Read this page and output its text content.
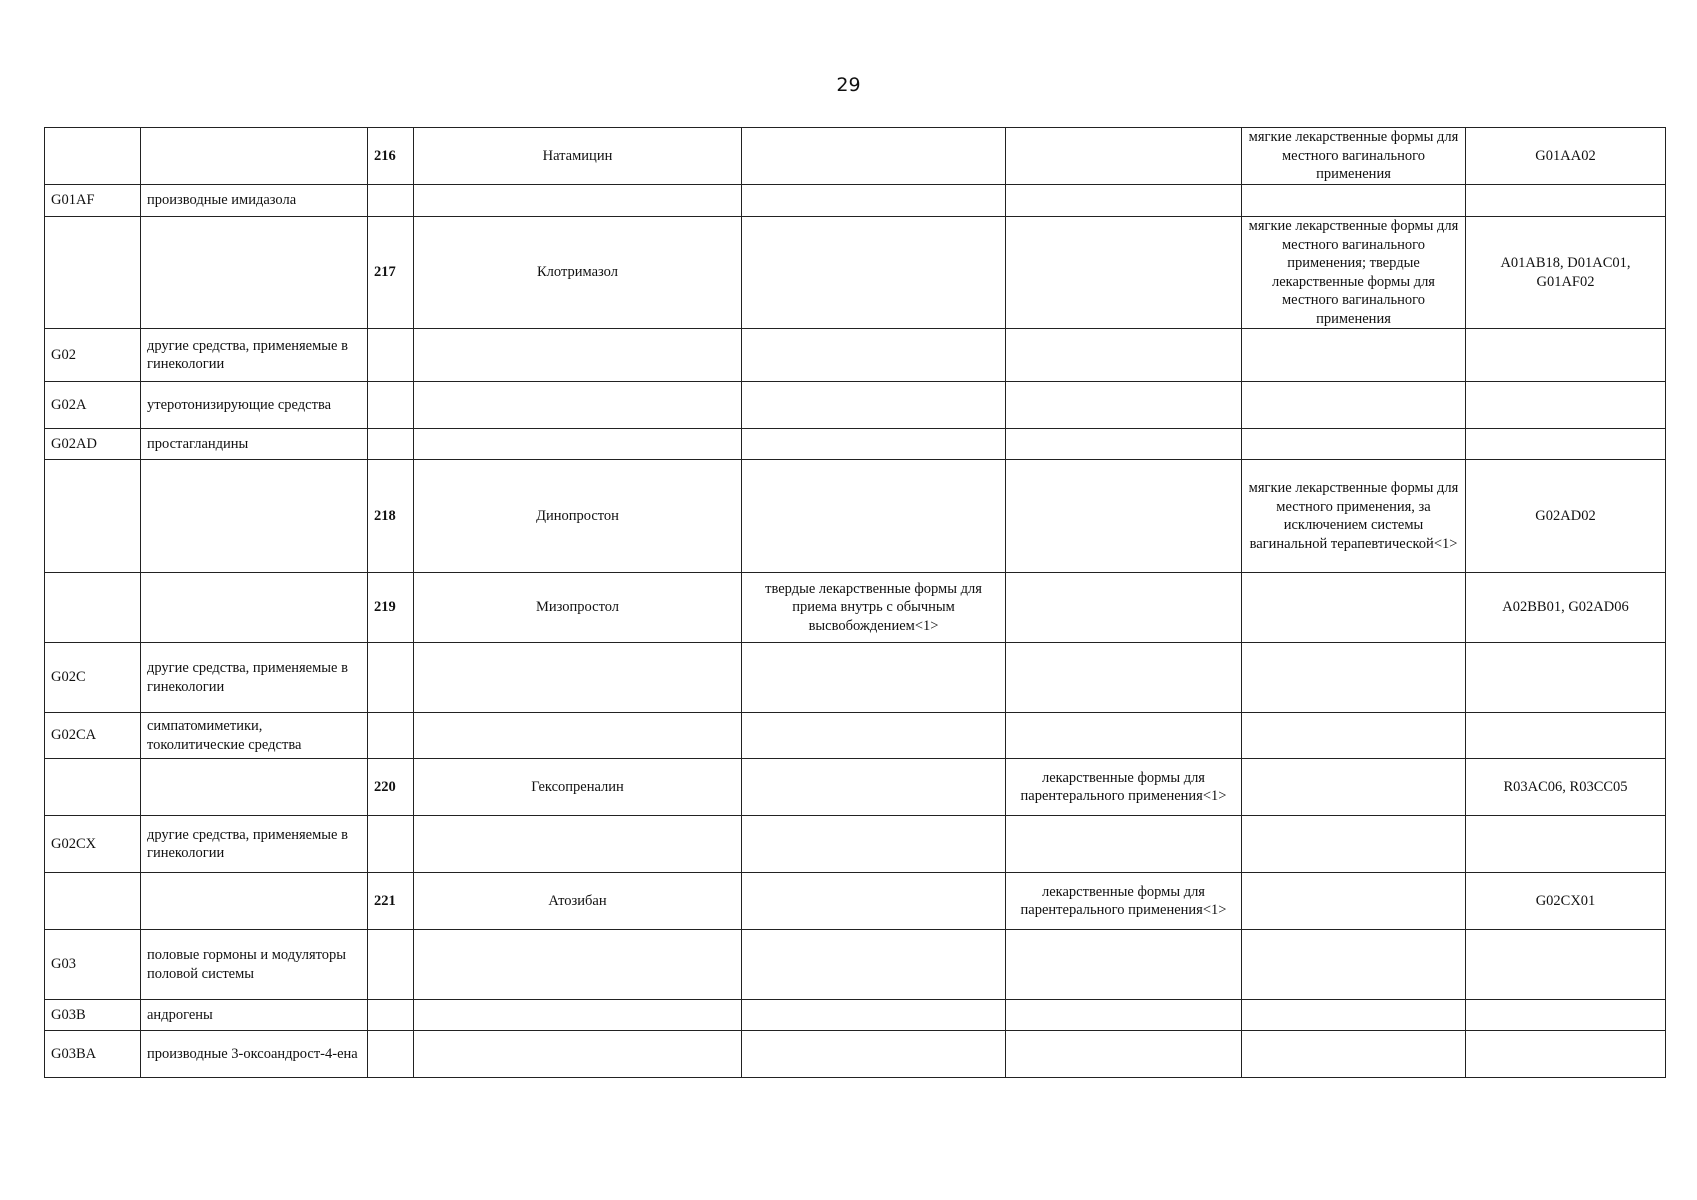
29
		216	Натамицин			мягкие лекарственные формы для местного вагинального применения	G01AA02
G01AF	производные имидазола						
		217	Клотримазол			мягкие лекарственные формы для местного вагинального применения; твердые лекарственные формы для местного вагинального применения	A01AB18, D01AC01, G01AF02
G02	другие средства, применяемые в гинекологии						
G02A	утеротонизирующие средства						
G02AD	простагландины						
		218	Динопростон			мягкие лекарственные формы для местного применения, за исключением системы вагинальной терапевтической<1>	G02AD02
		219	Мизопростол	твердые лекарственные формы для приема внутрь с обычным высвобождением<1>			A02BB01, G02AD06
G02C	другие средства, применяемые в гинекологии						
G02CA	симпатомиметики, токолитические средства						
		220	Гексопреналин		лекарственные формы для парентерального применения<1>		R03AC06, R03CC05
G02CX	другие средства, применяемые в гинекологии						
		221	Атозибан		лекарственные формы для парентерального применения<1>		G02CX01
G03	половые гормоны и модуляторы половой системы						
G03B	андрогены						
G03BA	производные 3-оксоандрост-4-ена						
